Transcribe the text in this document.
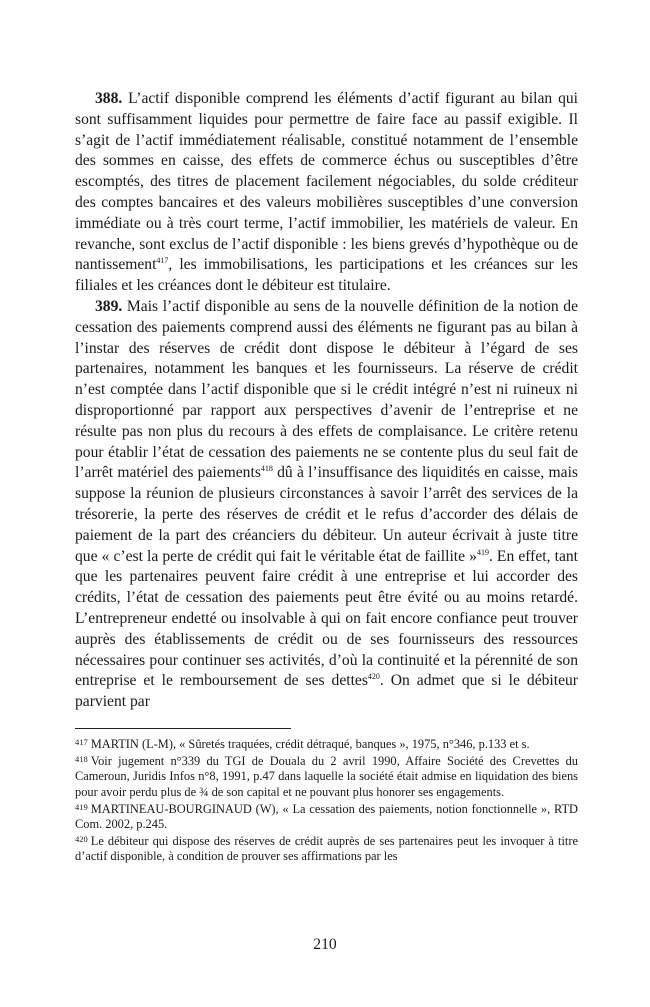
388. L’actif disponible comprend les éléments d’actif figurant au bilan qui sont suffisamment liquides pour permettre de faire face au passif exigible. Il s’agit de l’actif immédiatement réalisable, constitué notamment de l’ensemble des sommes en caisse, des effets de commerce échus ou susceptibles d’être escomptés, des titres de placement facilement négociables, du solde créditeur des comptes bancaires et des valeurs mobilières susceptibles d’une conversion immédiate ou à très court terme, l’actif immobilier, les matériels de valeur. En revanche, sont exclus de l’actif disponible : les biens grevés d’hypothèque ou de nantissement$^{417}$, les immobilisations, les participations et les créances sur les filiales et les créances dont le débiteur est titulaire.

389. Mais l’actif disponible au sens de la nouvelle définition de la notion de cessation des paiements comprend aussi des éléments ne figurant pas au bilan à l’instar des réserves de crédit dont dispose le débiteur à l’égard de ses partenaires, notamment les banques et les fournisseurs. La réserve de crédit n’est comptée dans l’actif disponible que si le crédit intégré n’est ni ruineux ni disproportionné par rapport aux perspectives d’avenir de l’entreprise et ne résulte pas non plus du recours à des effets de complaisance. Le critère retenu pour établir l’état de cessation des paiements ne se contente plus du seul fait de l’arrêt matériel des paiements$^{418}$ dû à l’insuffisance des liquidités en caisse, mais suppose la réunion de plusieurs circonstances à savoir l’arrêt des services de la trésorerie, la perte des réserves de crédit et le refus d’accorder des délais de paiement de la part des créanciers du débiteur. Un auteur écrivait à juste titre que « c’est la perte de crédit qui fait le véritable état de faillite »$^{419}$. En effet, tant que les partenaires peuvent faire crédit à une entreprise et lui accorder des crédits, l’état de cessation des paiements peut être évité ou au moins retardé. L’entrepreneur endetté ou insolvable à qui on fait encore confiance peut trouver auprès des établissements de crédit ou de ses fournisseurs des ressources nécessaires pour continuer ses activités, d’où la continuité et la pérennité de son entreprise et le remboursement de ses dettes$^{420}$. On admet que si le débiteur parvient par

$^{417}$ MARTIN (L-M), « Sûretés traquées, crédit détraqué, banques », 1975, n°346, p.133 et s.

$^{418}$ Voir jugement n°339 du TGI de Douala du 2 avril 1990, Affaire Société des Crevettes du Cameroun, Juridis Infos n°8, 1991, p.47 dans laquelle la société était admise en liquidation des biens pour avoir perdu plus de ¾ de son capital et ne pouvant plus honorer ses engagements.

$^{419}$ MARTINEAU-BOURGINAUD (W), « La cessation des paiements, notion fonctionnelle », RTD Com. 2002, p.245.

$^{420}$ Le débiteur qui dispose des réserves de crédit auprès de ses partenaires peut les invoquer à titre d’actif disponible, à condition de prouver ses affirmations par les

210
